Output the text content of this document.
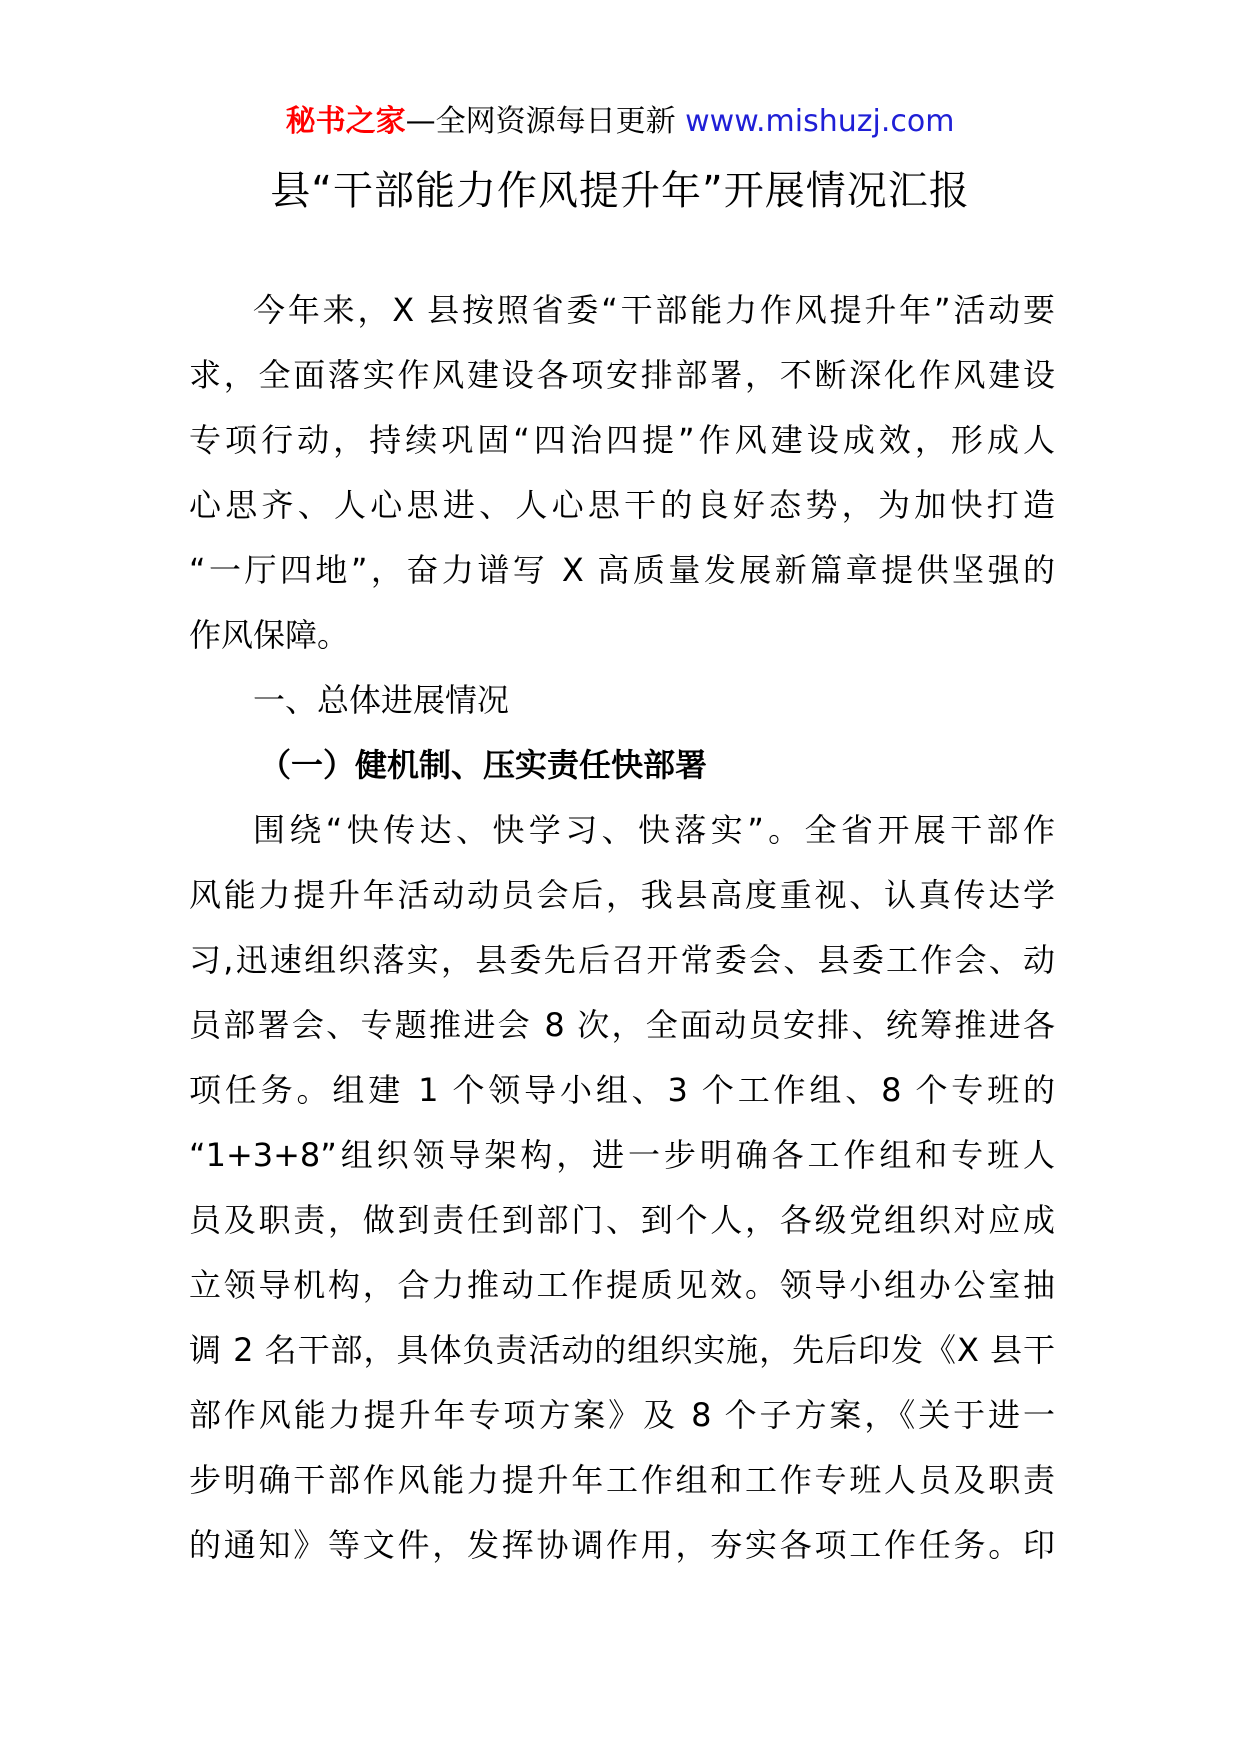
秘书之家—全网资源每日更新 www.mishuzj.com
县“干部能力作风提升年”开展情况汇报
今年来，X 县按照省委“干部能力作风提升年”活动要
求，全面落实作风建设各项安排部署，不断深化作风建设
专项行动，持续巩固“四治四提”作风建设成效，形成人
心思齐、人心思进、人心思干的良好态势，为加快打造
“一厅四地”，奋力谱写 X 高质量发展新篇章提供坚强的
作风保障。
一、总体进展情况
（一）健机制、压实责任快部署
围绕“快传达、快学习、快落实”。全省开展干部作
风能力提升年活动动员会后，我县高度重视、认真传达学
习,迅速组织落实，县委先后召开常委会、县委工作会、动
员部署会、专题推进会 8 次，全面动员安排、统筹推进各
项任务。组建 1 个领导小组、3 个工作组、8 个专班的
“1+3+8”组织领导架构，进一步明确各工作组和专班人
员及职责，做到责任到部门、到个人，各级党组织对应成
立领导机构，合力推动工作提质见效。领导小组办公室抽
调 2 名干部，具体负责活动的组织实施，先后印发《X 县干
部作风能力提升年专项方案》及 8 个子方案，《关于进一
步明确干部作风能力提升年工作组和工作专班人员及职责
的通知》等文件，发挥协调作用，夯实各项工作任务。印
